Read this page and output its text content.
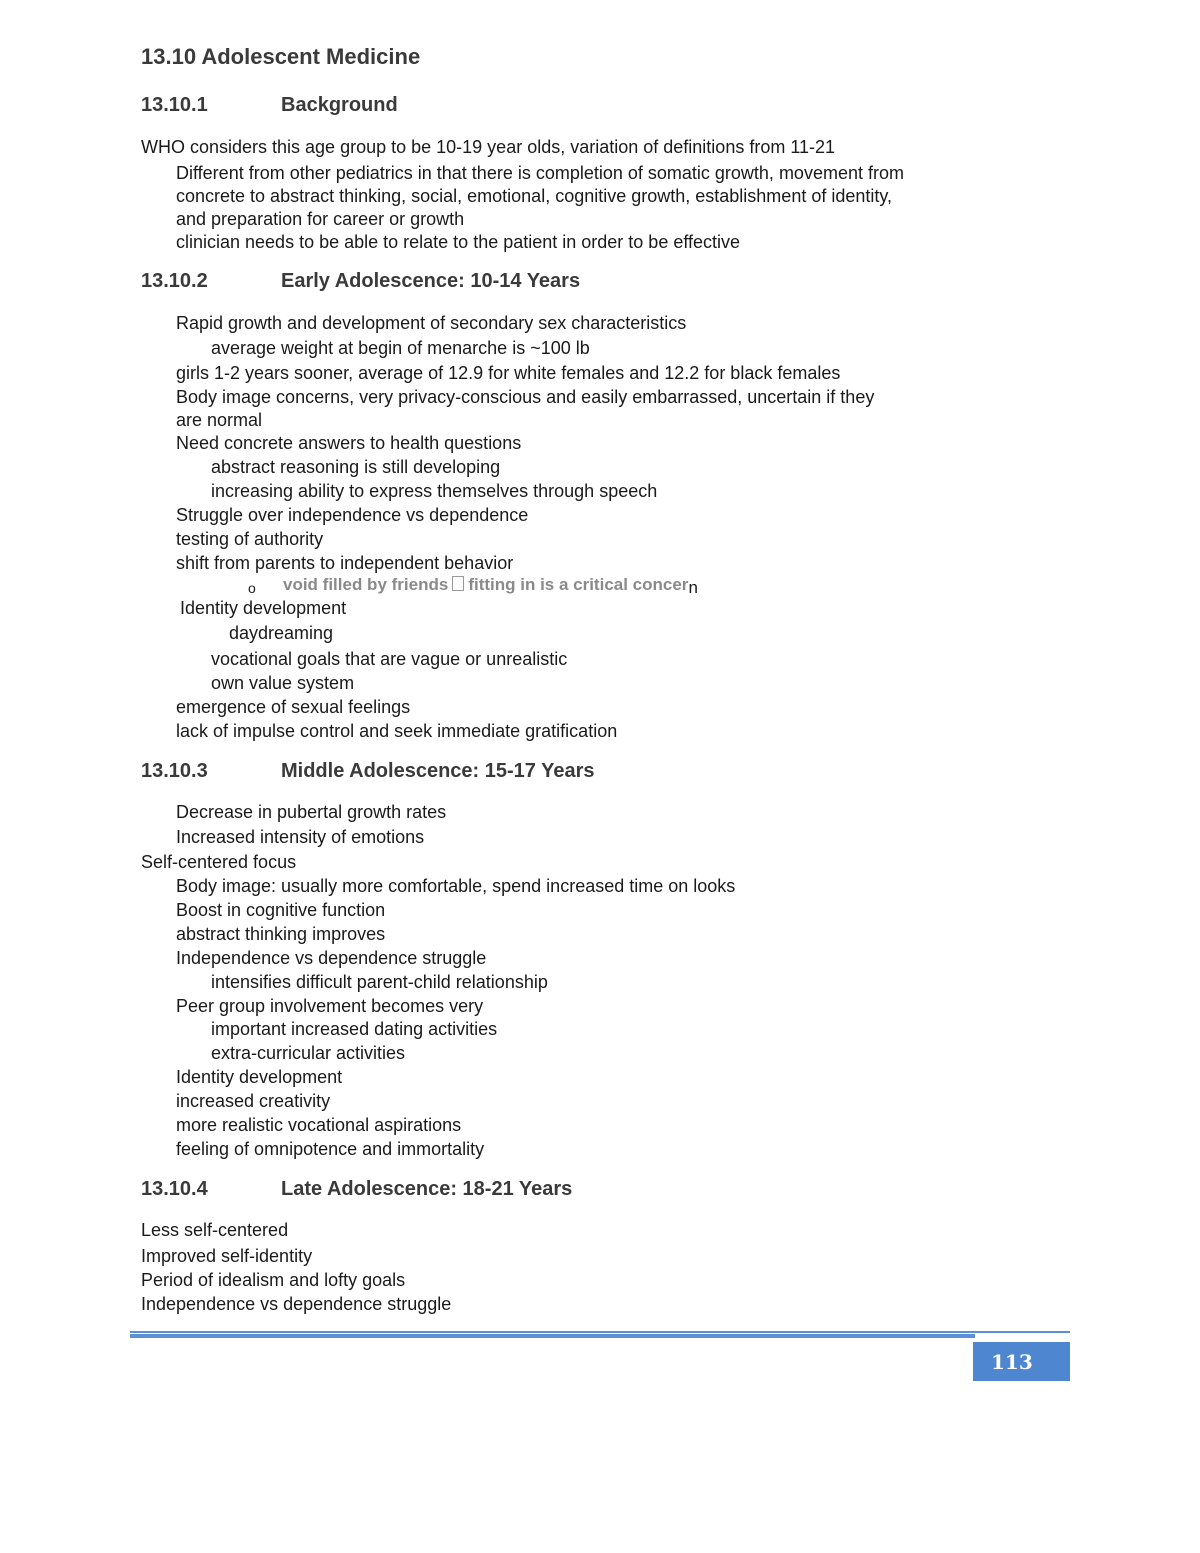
13.10 Adolescent Medicine
13.10.1	Background
WHO considers this age group to be 10-19 year olds, variation of definitions from 11-21
Different from other pediatrics in that there is completion of somatic growth, movement from
concrete to abstract thinking, social, emotional, cognitive growth, establishment of identity,
and preparation for career or growth
clinician needs to be able to relate to the patient in order to be effective
13.10.2	Early Adolescence: 10-14 Years
Rapid growth and development of secondary sex characteristics
average weight at begin of menarche is ~100 lb
girls 1-2 years sooner, average of 12.9 for white females and 12.2 for black females
Body image concerns, very privacy-conscious and easily embarrassed, uncertain if they
are normal
Need concrete answers to health questions
abstract reasoning is still developing
increasing ability to express themselves through speech
Struggle over independence vs dependence
testing of authority
shift from parents to independent behavior
o void filled by friends fitting in is a critical concern
Identity development
daydreaming
vocational goals that are vague or unrealistic
own value system
emergence of sexual feelings
lack of impulse control and seek immediate gratification
13.10.3	Middle Adolescence: 15-17 Years
Decrease in pubertal growth rates
Increased intensity of emotions
Self-centered focus
Body image: usually more comfortable, spend increased time on looks
Boost in cognitive function
abstract thinking improves
Independence vs dependence struggle
intensifies difficult parent-child relationship
Peer group involvement becomes very
important increased dating activities
extra-curricular activities
Identity development
increased creativity
more realistic vocational aspirations
feeling of omnipotence and immortality
13.10.4	Late Adolescence: 18-21 Years
Less self-centered
Improved self-identity
Period of idealism and lofty goals
Independence vs dependence struggle
113
